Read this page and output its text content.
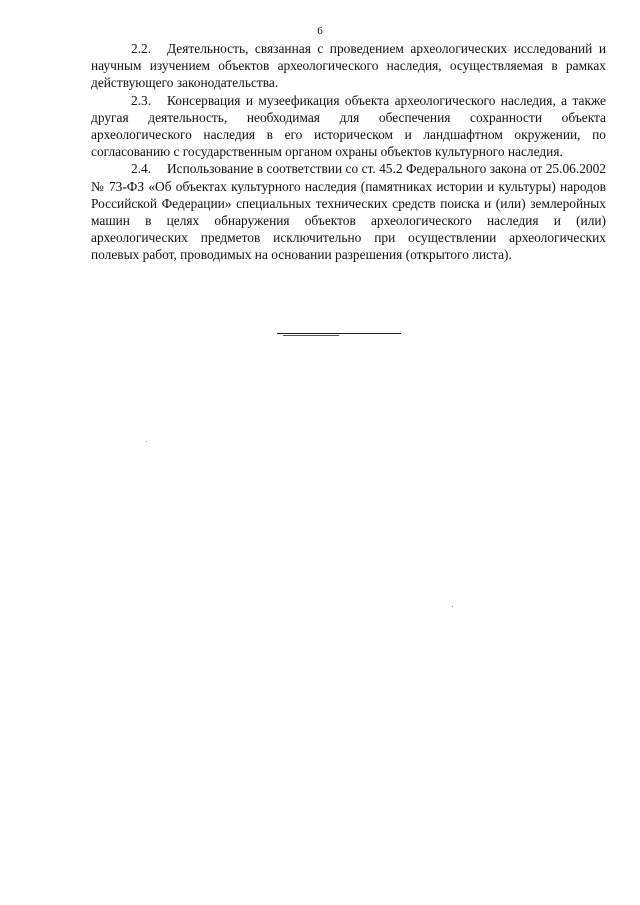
6

2.2. Деятельность, связанная с проведением археологических исследований и научным изучением объектов археологического наследия, осуществляемая в рамках действующего законодательства.

2.3. Консервация и музеефикация объекта археологического наследия, а также другая деятельность, необходимая для обеспечения сохранности объекта археологического наследия в его историческом и ландшафтном окружении, по согласованию с государственным органом охраны объектов культурного наследия.

2.4. Использование в соответствии со ст. 45.2 Федерального закона от 25.06.2002 № 73-ФЗ «Об объектах культурного наследия (памятниках истории и культуры) народов Российской Федерации» специальных технических средств поиска и (или) землеройных машин в целях обнаружения объектов археологического наследия и (или) археологических предметов исключительно при осуществлении археологических полевых работ, проводимых на основании разрешения (открытого листа).
